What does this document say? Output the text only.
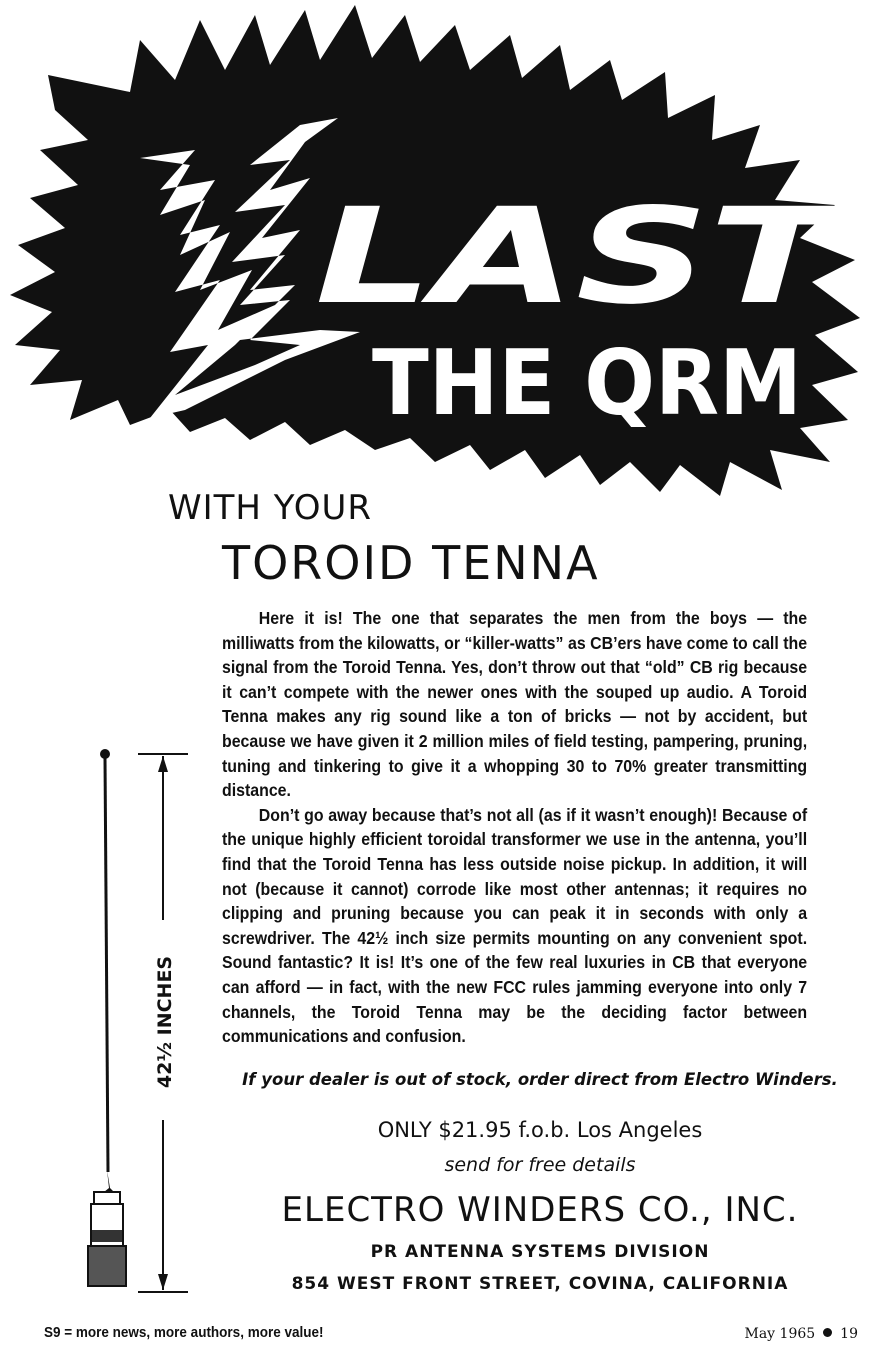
LAST
THE QRM
WITH YOUR
TOROID TENNA

Here it is! The one that separates the men from the boys — the milliwatts from the kilowatts, or “killer-watts” as CB’ers have come to call the signal from the Toroid Tenna. Yes, don’t throw out that “old” CB rig because it can’t compete with the newer ones with the souped up audio. A Toroid Tenna makes any rig sound like a ton of bricks — not by accident, but because we have given it 2 million miles of field testing, pampering, pruning, tuning and tinkering to give it a whopping 30 to 70% greater transmitting distance.

Don’t go away because that’s not all (as if it wasn’t enough)! Because of the unique highly efficient toroidal transformer we use in the antenna, you’ll find that the Toroid Tenna has less outside noise pickup. In addition, it will not (because it cannot) corrode like most other antennas; it requires no clipping and pruning because you can peak it in seconds with only a screwdriver. The 42½ inch size permits mounting on any convenient spot. Sound fantastic? It is! It’s one of the few real luxuries in CB that everyone can afford — in fact, with the new FCC rules jamming everyone into only 7 channels, the Toroid Tenna may be the deciding factor between communications and confusion.

If your dealer is out of stock, order direct from Electro Winders.

ONLY $21.95 f.o.b. Los Angeles

send for free details

ELECTRO WINDERS CO., INC.

PR ANTENNA SYSTEMS DIVISION

854 WEST FRONT STREET, COVINA, CALIFORNIA

42½ INCHES
S9 = more news, more authors, more value!	May 1965 19
